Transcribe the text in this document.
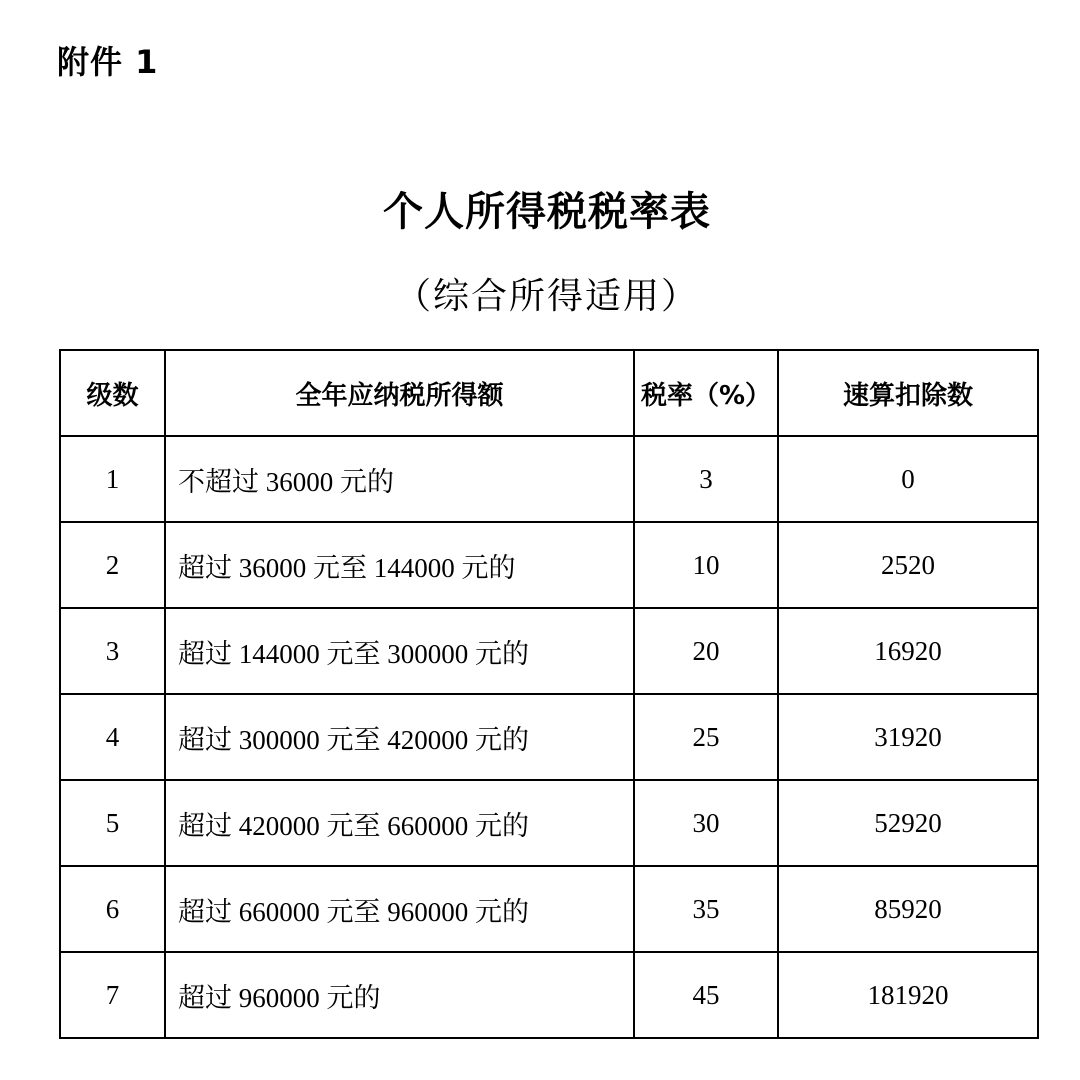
附件 1
个人所得税税率表
（综合所得适用）
级数	全年应纳税所得额	税率（%）	速算扣除数
1	不超过 36000 元的	3	0
2	超过 36000 元至 144000 元的	10	2520
3	超过 144000 元至 300000 元的	20	16920
4	超过 300000 元至 420000 元的	25	31920
5	超过 420000 元至 660000 元的	30	52920
6	超过 660000 元至 960000 元的	35	85920
7	超过 960000 元的	45	181920
